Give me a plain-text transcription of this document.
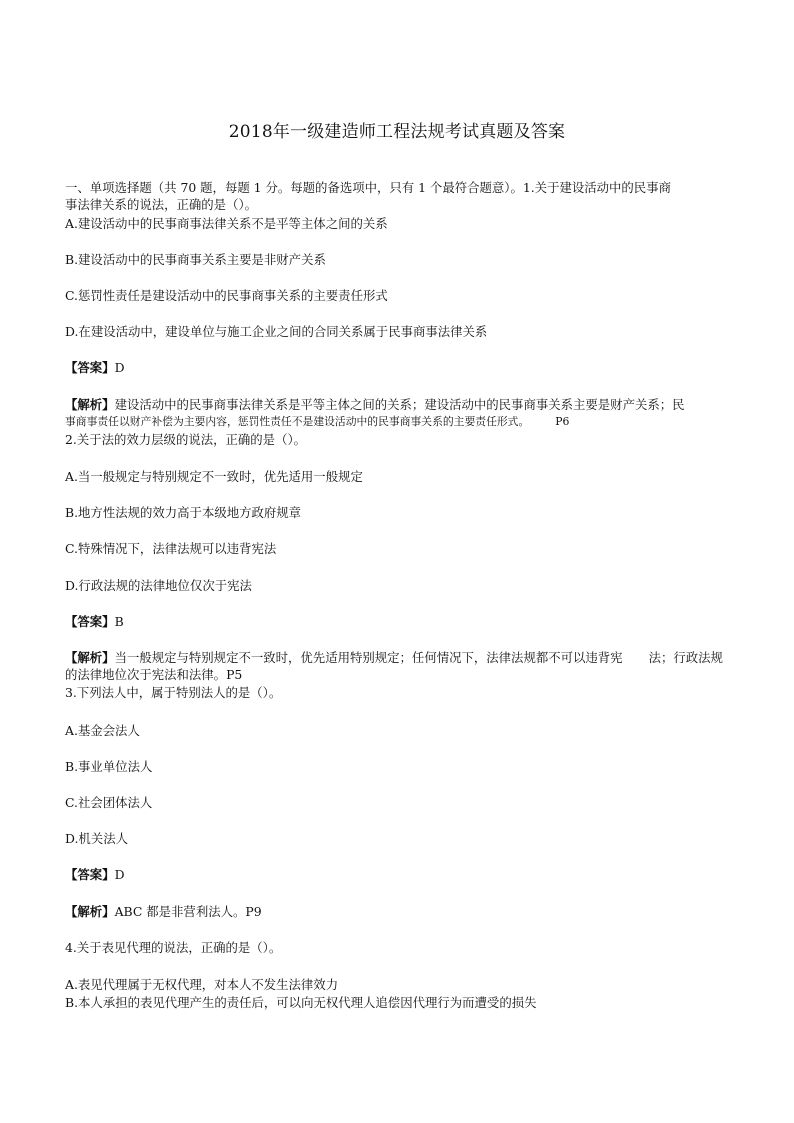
2018年一级建造师工程法规考试真题及答案
一、单项选择题（共 70 题，每题 1 分。每题的备选项中，只有 1 个最符合题意）。1.关于建设活动中的民事商
事法律关系的说法，正确的是（）。
A.建设活动中的民事商事法律关系不是平等主体之间的关系
B.建设活动中的民事商事关系主要是非财产关系
C.惩罚性责任是建设活动中的民事商事关系的主要责任形式
D.在建设活动中，建设单位与施工企业之间的合同关系属于民事商事法律关系
【答案】D
【解析】建设活动中的民事商事法律关系是平等主体之间的关系；建设活动中的民事商事关系主要是财产关系；民
事商事责任以财产补偿为主要内容，惩罚性责任不是建设活动中的民事商事关系的主要责任形式。 P6
2.关于法的效力层级的说法，正确的是（）。
A.当一般规定与特别规定不一致时，优先适用一般规定
B.地方性法规的效力高于本级地方政府规章
C.特殊情况下，法律法规可以违背宪法
D.行政法规的法律地位仅次于宪法
【答案】B
【解析】当一般规定与特别规定不一致时，优先适用特别规定；任何情况下，法律法规都不可以违背宪 法；行政法规
的法律地位次于宪法和法律。P5
3.下列法人中，属于特别法人的是（）。
A.基金会法人
B.事业单位法人
C.社会团体法人
D.机关法人
【答案】D
【解析】ABC 都是非营利法人。P9
4.关于表见代理的说法，正确的是（）。
A.表见代理属于无权代理，对本人不发生法律效力
B.本人承担的表见代理产生的责任后，可以向无权代理人追偿因代理行为而遭受的损失
